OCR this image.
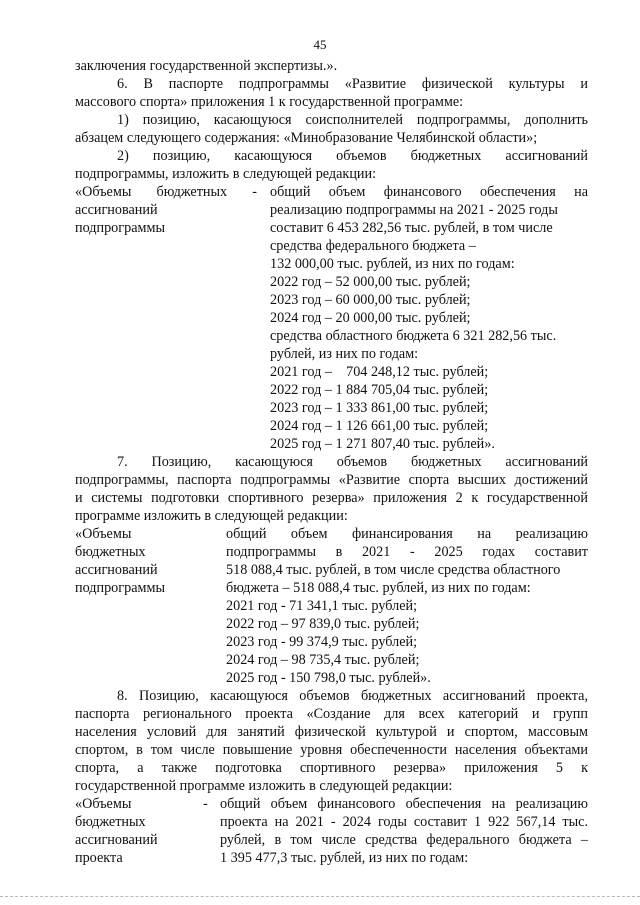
45
заключения государственной экспертизы.».
6. В паспорте подпрограммы «Развитие физической культуры и
массового спорта» приложения 1 к государственной программе:
1) позицию, касающуюся соисполнителей подпрограммы, дополнить
абзацем следующего содержания: «Минобразование Челябинской области»;
2) позицию, касающуюся объемов бюджетных ассигнований
подпрограммы, изложить в следующей редакции:
«Объемы бюджетных -
ассигнований
подпрограммы
общий объем финансового обеспечения на
реализацию подпрограммы на 2021 - 2025 годы
составит 6 453 282,56 тыс. рублей, в том числе
средства федерального бюджета –
132 000,00 тыс. рублей, из них по годам:
2022 год – 52 000,00 тыс. рублей;
2023 год – 60 000,00 тыс. рублей;
2024 год – 20 000,00 тыс. рублей;
средства областного бюджета 6 321 282,56 тыс.
рублей, из них по годам:
2021 год –    704 248,12 тыс. рублей;
2022 год – 1 884 705,04 тыс. рублей;
2023 год – 1 333 861,00 тыс. рублей;
2024 год – 1 126 661,00 тыс. рублей;
2025 год – 1 271 807,40 тыс. рублей».
7. Позицию, касающуюся объемов бюджетных ассигнований
подпрограммы, паспорта подпрограммы «Развитие спорта высших достижений
и системы подготовки спортивного резерва» приложения 2 к государственной
программе изложить в следующей редакции:
«Объемы
бюджетных
ассигнований
подпрограммы
общий объем финансирования на реализацию
подпрограммы в 2021 - 2025 годах составит
518 088,4 тыс. рублей, в том числе средства областного
бюджета – 518 088,4 тыс. рублей, из них по годам:
2021 год - 71 341,1 тыс. рублей;
2022 год – 97 839,0 тыс. рублей;
2023 год - 99 374,9 тыс. рублей;
2024 год – 98 735,4 тыс. рублей;
2025 год - 150 798,0 тыс. рублей».
8. Позицию, касающуюся объемов бюджетных ассигнований проекта,
паспорта регионального проекта «Создание для всех категорий и групп
населения условий для занятий физической культурой и спортом, массовым
спортом, в том числе повышение уровня обеспеченности населения объектами
спорта, а также подготовка спортивного резерва» приложения 5 к
государственной программе изложить в следующей редакции:
«Объемы
бюджетных
ассигнований
проекта
- общий объем финансового обеспечения на реализацию
проекта на 2021 - 2024 годы составит 1 922 567,14 тыс.
рублей, в том числе средства федерального бюджета –
1 395 477,3 тыс. рублей, из них по годам:
